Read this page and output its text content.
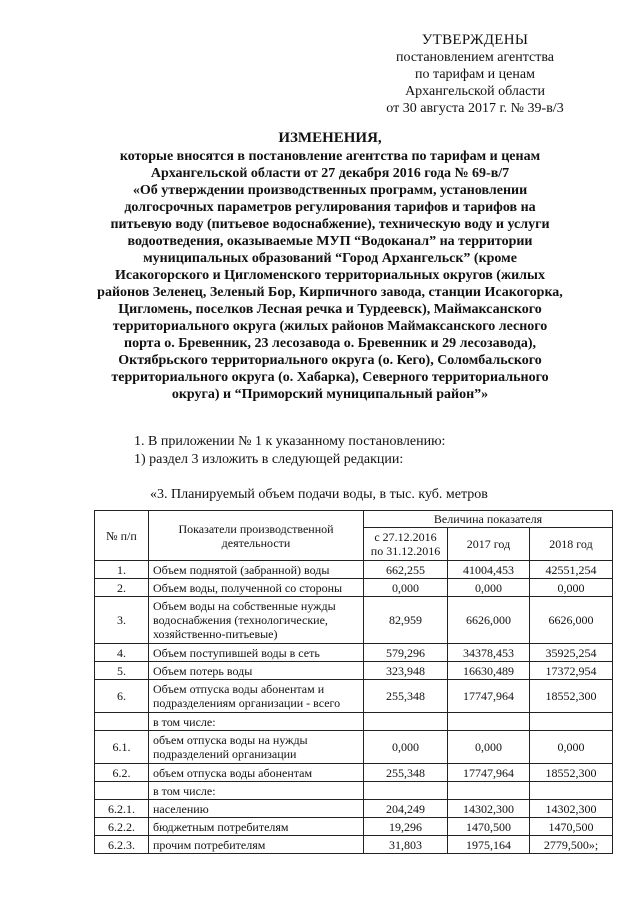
УТВЕРЖДЕНЫ
постановлением агентства
по тарифам и ценам
Архангельской области
от 30 августа 2017 г. № 39-в/3
ИЗМЕНЕНИЯ,
которые вносятся в постановление агентства по тарифам и ценам
Архангельской области от 27 декабря 2016 года № 69-в/7
«Об утверждении производственных программ, установлении
долгосрочных параметров регулирования тарифов и тарифов на
питьевую воду (питьевое водоснабжение), техническую воду и услуги
водоотведения, оказываемые МУП “Водоканал” на территории
муниципальных образований “Город Архангельск” (кроме
Исакогорского и Цигломенского территориальных округов (жилых
районов Зеленец, Зеленый Бор, Кирпичного завода, станции Исакогорка,
Цигломень, поселков Лесная речка и Турдеевск), Маймаксанского
территориального округа (жилых районов Маймаксанского лесного
порта о. Бревенник, 23 лесозавода о. Бревенник и 29 лесозавода),
Октябрьского территориального округа (о. Кего), Соломбальского
территориального округа (о. Хабарка), Северного территориального
округа) и “Приморский муниципальный район”»
1. В приложении № 1 к указанному постановлению:
1) раздел 3 изложить в следующей редакции:
«3. Планируемый объем подачи воды, в тыс. куб. метров
№ п/п	Показатели производственной деятельности	Величина показателя		
		с 27.12.2016 по 31.12.2016	2017 год	2018 год
1.	Объем поднятой (забранной) воды	662,255	41004,453	42551,254
2.	Объем воды, полученной со стороны	0,000	0,000	0,000
3.	Объем воды на собственные нужды водоснабжения (технологические, хозяйственно-питьевые)	82,959	6626,000	6626,000
4.	Объем поступившей воды в сеть	579,296	34378,453	35925,254
5.	Объем потерь воды	323,948	16630,489	17372,954
6.	Объем отпуска воды абонентам и подразделениям организации - всего	255,348	17747,964	18552,300
	в том числе:			
6.1.	объем отпуска воды на нужды подразделений организации	0,000	0,000	0,000
6.2.	объем отпуска воды абонентам	255,348	17747,964	18552,300
	в том числе:			
6.2.1.	населению	204,249	14302,300	14302,300
6.2.2.	бюджетным потребителям	19,296	1470,500	1470,500
6.2.3.	прочим потребителям	31,803	1975,164	2779,500»;
